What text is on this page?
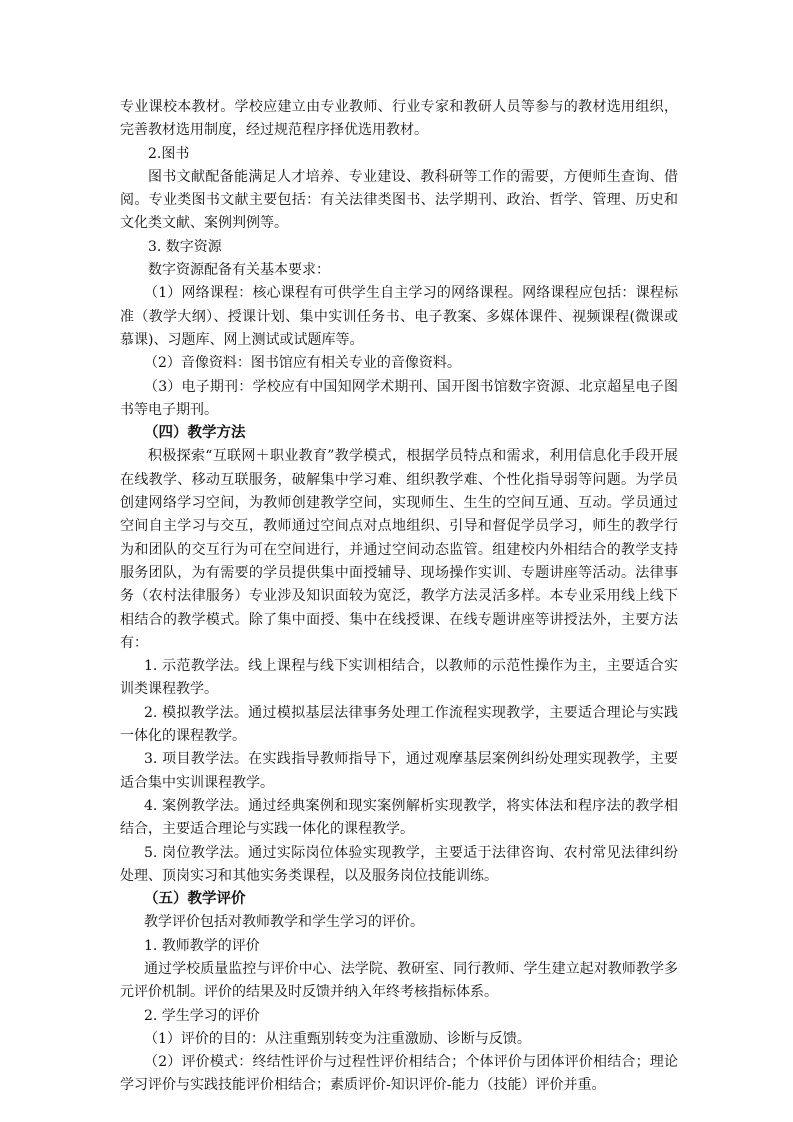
专业课校本教材。学校应建立由专业教师、行业专家和教研人员等参与的教材选用组织，完善教材选用制度，经过规范程序择优选用教材。

2.图书

图书文献配备能满足人才培养、专业建设、教科研等工作的需要，方便师生查询、借阅。专业类图书文献主要包括：有关法律类图书、法学期刊、政治、哲学、管理、历史和文化类文献、案例判例等。

3. 数字资源

数字资源配备有关基本要求：

（1）网络课程：核心课程有可供学生自主学习的网络课程。网络课程应包括：课程标准（教学大纲）、授课计划、集中实训任务书、电子教案、多媒体课件、视频课程(微课或慕课)、习题库、网上测试或试题库等。

（2）音像资料：图书馆应有相关专业的音像资料。

（3）电子期刊：学校应有中国知网学术期刊、国开图书馆数字资源、北京超星电子图书等电子期刊。

（四）教学方法

积极探索“互联网＋职业教育”教学模式，根据学员特点和需求，利用信息化手段开展在线教学、移动互联服务，破解集中学习难、组织教学难、个性化指导弱等问题。为学员创建网络学习空间，为教师创建教学空间，实现师生、生生的空间互通、互动。学员通过空间自主学习与交互，教师通过空间点对点地组织、引导和督促学员学习，师生的教学行为和团队的交互行为可在空间进行，并通过空间动态监管。组建校内外相结合的教学支持服务团队，为有需要的学员提供集中面授辅导、现场操作实训、专题讲座等活动。法律事务（农村法律服务）专业涉及知识面较为宽泛，教学方法灵活多样。本专业采用线上线下相结合的教学模式。除了集中面授、集中在线授课、在线专题讲座等讲授法外，主要方法有：

1. 示范教学法。线上课程与线下实训相结合，以教师的示范性操作为主，主要适合实训类课程教学。

2. 模拟教学法。通过模拟基层法律事务处理工作流程实现教学，主要适合理论与实践一体化的课程教学。

3. 项目教学法。在实践指导教师指导下，通过观摩基层案例纠纷处理实现教学，主要适合集中实训课程教学。

4. 案例教学法。通过经典案例和现实案例解析实现教学，将实体法和程序法的教学相结合，主要适合理论与实践一体化的课程教学。

5. 岗位教学法。通过实际岗位体验实现教学，主要适于法律咨询、农村常见法律纠纷处理、顶岗实习和其他实务类课程，以及服务岗位技能训练。

（五）教学评价

教学评价包括对教师教学和学生学习的评价。

1. 教师教学的评价

通过学校质量监控与评价中心、法学院、教研室、同行教师、学生建立起对教师教学多元评价机制。评价的结果及时反馈并纳入年终考核指标体系。

2. 学生学习的评价

（1）评价的目的：从注重甄别转变为注重激励、诊断与反馈。

（2）评价模式：终结性评价与过程性评价相结合；个体评价与团体评价相结合；理论学习评价与实践技能评价相结合；素质评价-知识评价-能力（技能）评价并重。
